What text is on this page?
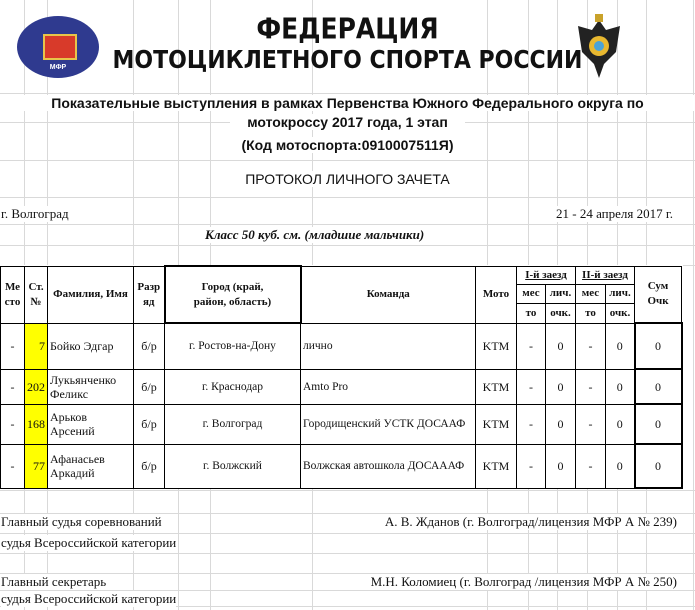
МФР
ФЕДЕРАЦИЯ
МОТОЦИКЛЕТНОГО СПОРТА РОССИИ
Показательные выступления в рамках Первенства Южного Федерального округа по
мотокроссу 2017 года, 1 этап
(Код мотоспорта:0910007511Я)
ПРОТОКОЛ ЛИЧНОГО ЗАЧЕТА
г. Волгоград	21 - 24 апреля 2017 г.
Класс 50 куб. см. (младшие мальчики)
Ме
сто	Ст.
№	Фамилия, Имя	Разр
яд	Город (край,
район, область)	Команда	Мото	I-й заезд		II-й заезд		Сум
Очк
							мес	лич.	мес	лич.	
							то	очк.	то	очк.	
-	7	Бойко Эдгар	б/р	г. Ростов-на-Дону	лично	KTM	-	0	-	0	0
-	202	Лукьянченко Феликс	б/р	г. Краснодар	Amto Pro	KTM	-	0	-	0	0
-	168	Арьков Арсений	б/р	г. Волгоград	Городищенский УСТК ДОСААФ	KTM	-	0	-	0	0
-	77	Афанасьев Аркадий	б/р	г. Волжский	Волжская автошкола ДОСАААФ	KTM	-	0	-	0	0
Главный судья соревнований	А. В. Жданов (г. Волгоград/лицензия МФР А № 239)
судья Всероссийской категории
Главный секретарь	М.Н. Коломиец (г. Волгоград /лицензия МФР А № 250)
судья Всероссийской категории
